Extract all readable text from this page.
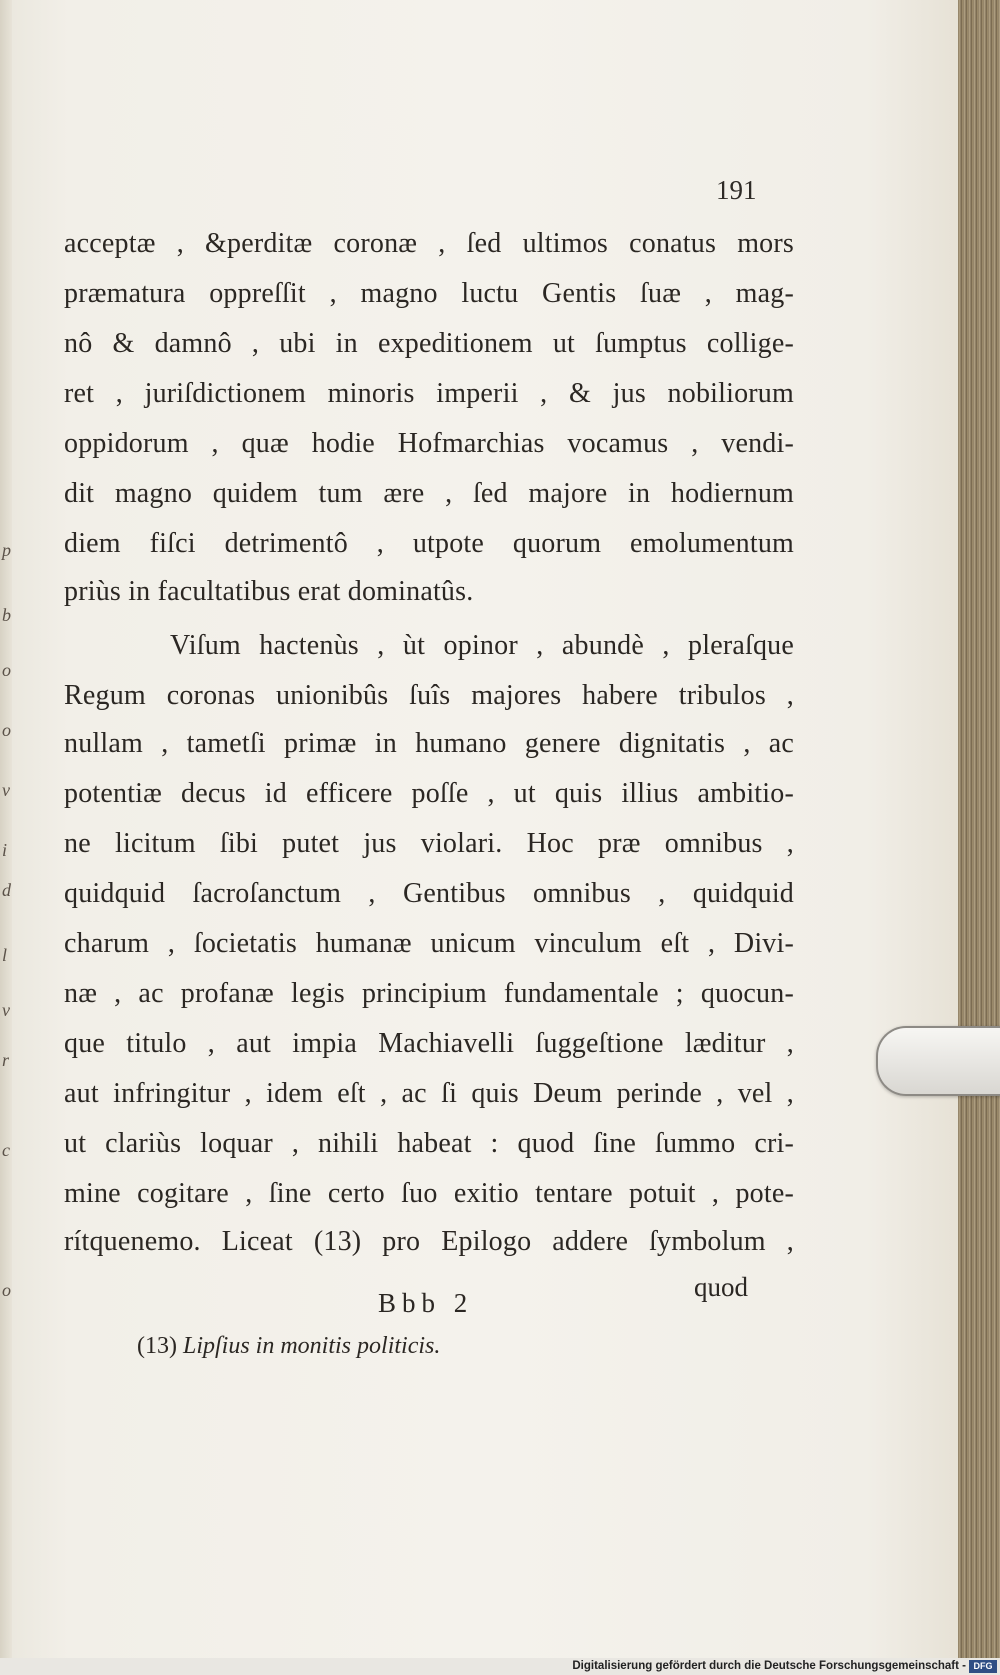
p
b
o
o
v
i
d
l
v
r
c
o
191
acceptæ , &perditæ coronæ , ſed ultimos conatus mors
præmatura oppreſſit , magno luctu Gentis ſuæ , mag-
nô & damnô , ubi in expeditionem ut ſumptus collige-
ret , juriſdictionem minoris imperii , & jus nobiliorum
oppidorum , quæ hodie Hofmarchias vocamus , vendi-
dit magno quidem tum ære , ſed majore in hodiernum
diem fiſci detrimentô , utpote quorum emolumentum
priùs in facultatibus erat dominatûs.
Viſum hactenùs , ùt opinor , abundè , pleraſque
Regum coronas unionibûs ſuîs majores habere tribulos ,
nullam , tametſi primæ in humano genere dignitatis , ac
potentiæ decus id efficere poſſe , ut quis illius ambitio-
ne licitum ſibi putet jus violari. Hoc præ omnibus ,
quidquid ſacroſanctum , Gentibus omnibus , quidquid
charum , ſocietatis humanæ unicum vinculum eſt , Divi-
næ , ac profanæ legis principium fundamentale ; quocun-
que titulo , aut impia Machiavelli ſuggeſtione læditur ,
aut infringitur , idem eſt , ac ſi quis Deum perinde , vel ,
ut clariùs loquar , nihili habeat : quod ſine ſummo cri-
mine cogitare , ſine certo ſuo exitio tentare potuit , pote-
rítquenemo. Liceat (13) pro Epilogo addere ſymbolum ,
Bbb 2
quod
(13) Lipſius in monitis politicis.
Digitalisierung gefördert durch die Deutsche Forschungsgemeinschaft - DFG
